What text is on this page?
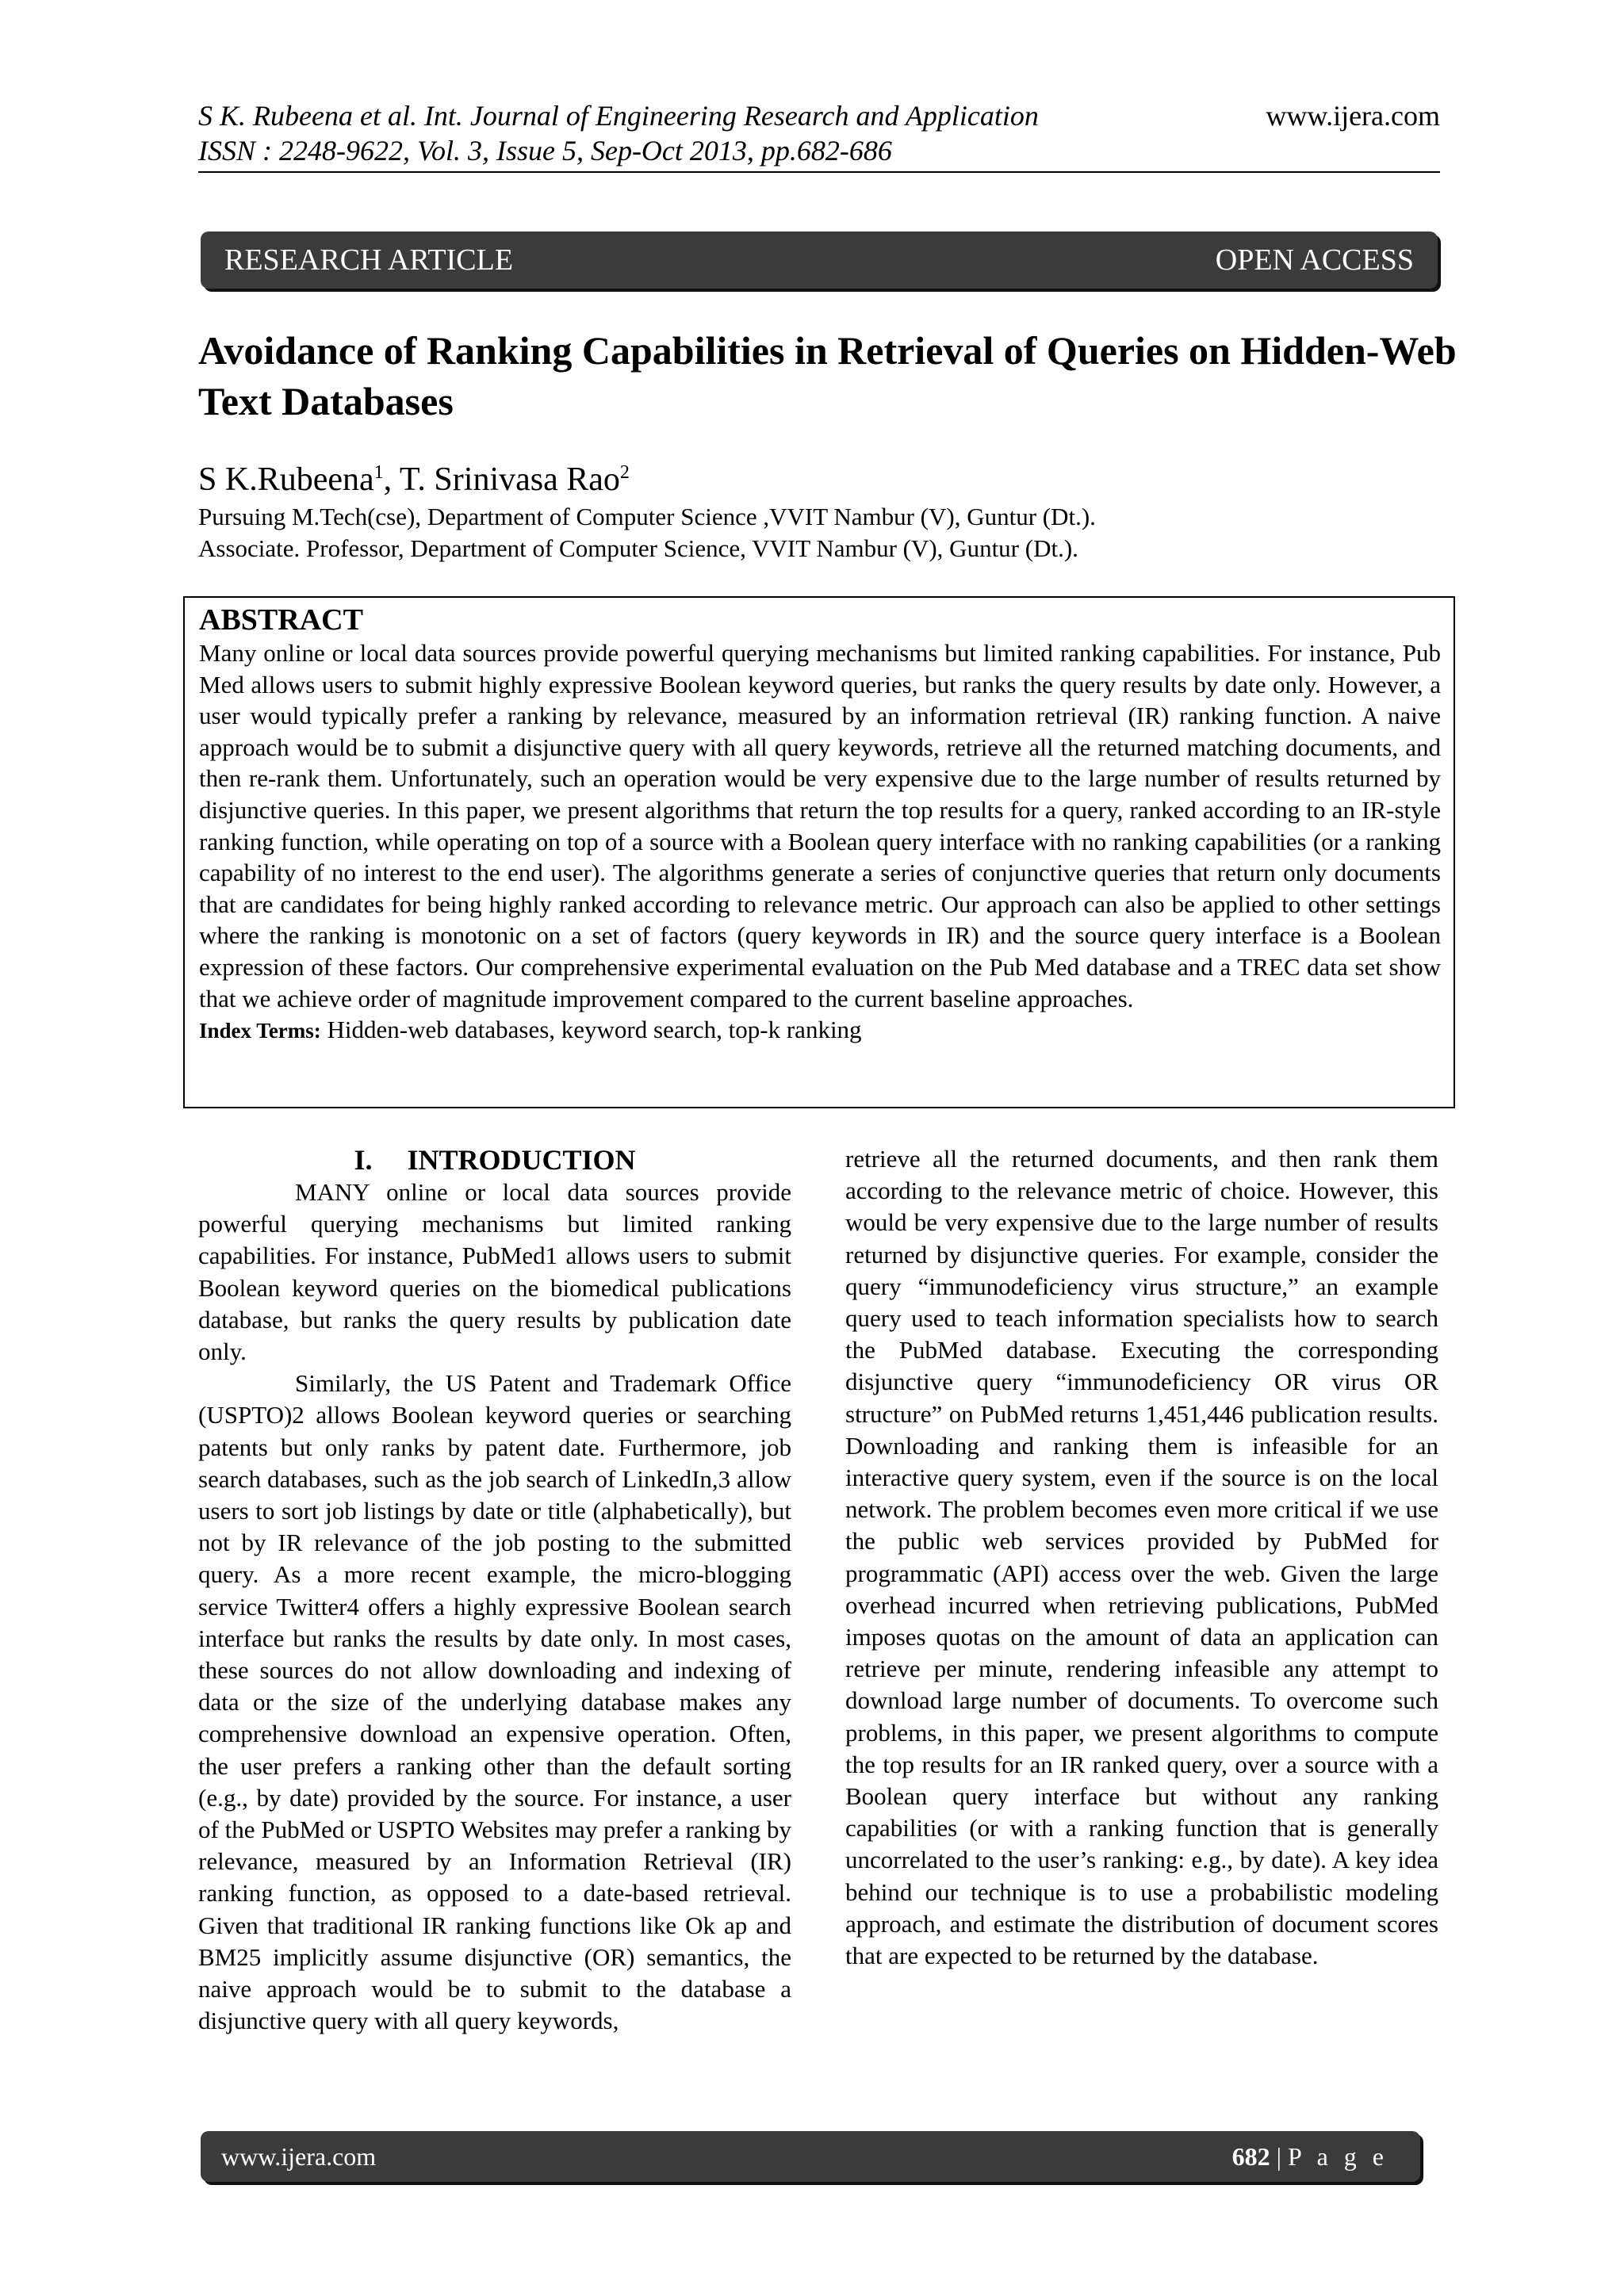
S K. Rubeena et al. Int. Journal of Engineering Research and Application
ISSN : 2248-9622, Vol. 3, Issue 5, Sep-Oct 2013, pp.682-686
www.ijera.com
RESEARCH ARTICLE	OPEN ACCESS
Avoidance of Ranking Capabilities in Retrieval of Queries on Hidden-Web Text Databases
S K.Rubeena$^1$, T. Srinivasa Rao$^2$
Pursuing M.Tech(cse), Department of Computer Science ,VVIT Nambur (V), Guntur (Dt.).
Associate. Professor, Department of Computer Science, VVIT Nambur (V), Guntur (Dt.).
ABSTRACT

Many online or local data sources provide powerful querying mechanisms but limited ranking capabilities. For instance, Pub Med allows users to submit highly expressive Boolean keyword queries, but ranks the query results by date only. However, a user would typically prefer a ranking by relevance, measured by an information retrieval (IR) ranking function. A naive approach would be to submit a disjunctive query with all query keywords, retrieve all the returned matching documents, and then re-rank them. Unfortunately, such an operation would be very expensive due to the large number of results returned by disjunctive queries. In this paper, we present algorithms that return the top results for a query, ranked according to an IR-style ranking function, while operating on top of a source with a Boolean query interface with no ranking capabilities (or a ranking capability of no interest to the end user). The algorithms generate a series of conjunctive queries that return only documents that are candidates for being highly ranked according to relevance metric. Our approach can also be applied to other settings where the ranking is monotonic on a set of factors (query keywords in IR) and the source query interface is a Boolean expression of these factors. Our comprehensive experimental evaluation on the Pub Med database and a TREC data set show that we achieve order of magnitude improvement compared to the current baseline approaches.

Index Terms: Hidden-web databases, keyword search, top-k ranking
I. INTRODUCTION

MANY online or local data sources provide powerful querying mechanisms but limited ranking capabilities. For instance, PubMed1 allows users to submit Boolean keyword queries on the biomedical publications database, but ranks the query results by publication date only.

Similarly, the US Patent and Trademark Office (USPTO)2 allows Boolean keyword queries or searching patents but only ranks by patent date. Furthermore, job search databases, such as the job search of LinkedIn,3 allow users to sort job listings by date or title (alphabetically), but not by IR relevance of the job posting to the submitted query. As a more recent example, the micro-blogging service Twitter4 offers a highly expressive Boolean search interface but ranks the results by date only. In most cases, these sources do not allow downloading and indexing of data or the size of the underlying database makes any comprehensive download an expensive operation. Often, the user prefers a ranking other than the default sorting (e.g., by date) provided by the source. For instance, a user of the PubMed or USPTO Websites may prefer a ranking by relevance, measured by an Information Retrieval (IR) ranking function, as opposed to a date-based retrieval. Given that traditional IR ranking functions like Ok ap and BM25 implicitly assume disjunctive (OR) semantics, the naive approach would be to submit to the database a disjunctive query with all query keywords,

retrieve all the returned documents, and then rank them according to the relevance metric of choice. However, this would be very expensive due to the large number of results returned by disjunctive queries. For example, consider the query “immunodeficiency virus structure,” an example query used to teach information specialists how to search the PubMed database. Executing the corresponding disjunctive query “immunodeficiency OR virus OR structure” on PubMed returns 1,451,446 publication results. Downloading and ranking them is infeasible for an interactive query system, even if the source is on the local network. The problem becomes even more critical if we use the public web services provided by PubMed for programmatic (API) access over the web. Given the large overhead incurred when retrieving publications, PubMed imposes quotas on the amount of data an application can retrieve per minute, rendering infeasible any attempt to download large number of documents. To overcome such problems, in this paper, we present algorithms to compute the top results for an IR ranked query, over a source with a Boolean query interface but without any ranking capabilities (or with a ranking function that is generally uncorrelated to the user’s ranking: e.g., by date). A key idea behind our technique is to use a probabilistic modeling approach, and estimate the distribution of document scores that are expected to be returned by the database.

www.ijera.com	682 | P a g e
